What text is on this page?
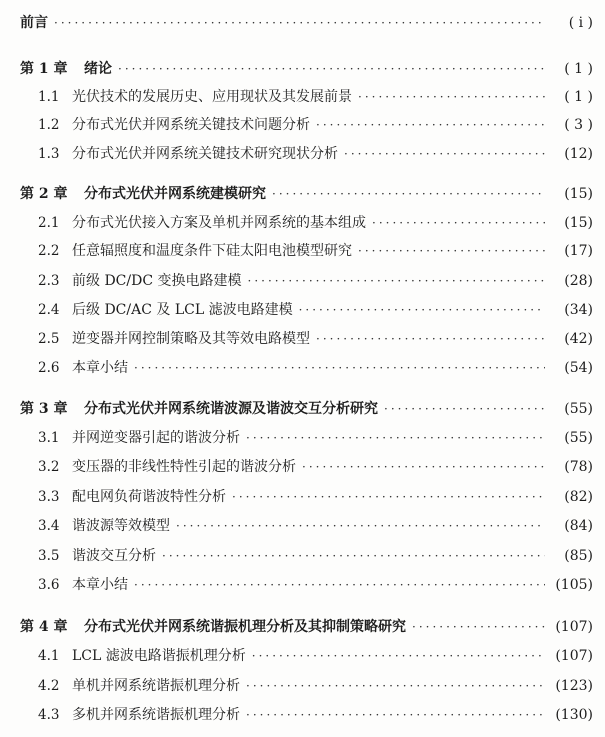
前言 ·····	( ⅰ )
第 1 章	绪论 ·····	( 1 )
1.1 光伏技术的发展历史、应用现状及其发展前景 ·····	( 1 )
1.2 分布式光伏并网系统关键技术问题分析 ·····	( 3 )
1.3 分布式光伏并网系统关键技术研究现状分析 ·····	(12)
第 2 章	分布式光伏并网系统建模研究 ·····	(15)
2.1 分布式光伏接入方案及单机并网系统的基本组成 ·····	(15)
2.2 任意辐照度和温度条件下硅太阳电池模型研究 ·····	(17)
2.3 前级 DC/DC 变换电路建模 ·····	(28)
2.4 后级 DC/AC 及 LCL 滤波电路建模 ·····	(34)
2.5 逆变器并网控制策略及其等效电路模型 ·····	(42)
2.6 本章小结 ·····	(54)
第 3 章	分布式光伏并网系统谐波源及谐波交互分析研究 ·····	(55)
3.1 并网逆变器引起的谐波分析 ·····	(55)
3.2 变压器的非线性特性引起的谐波分析 ·····	(78)
3.3 配电网负荷谐波特性分析 ·····	(82)
3.4 谐波源等效模型 ·····	(84)
3.5 谐波交互分析 ·····	(85)
3.6 本章小结 ·····	(105)
第 4 章	分布式光伏并网系统谐振机理分析及其抑制策略研究 ·····	(107)
4.1 LCL 滤波电路谐振机理分析 ·····	(107)
4.2 单机并网系统谐振机理分析 ·····	(123)
4.3 多机并网系统谐振机理分析 ·····	(130)
